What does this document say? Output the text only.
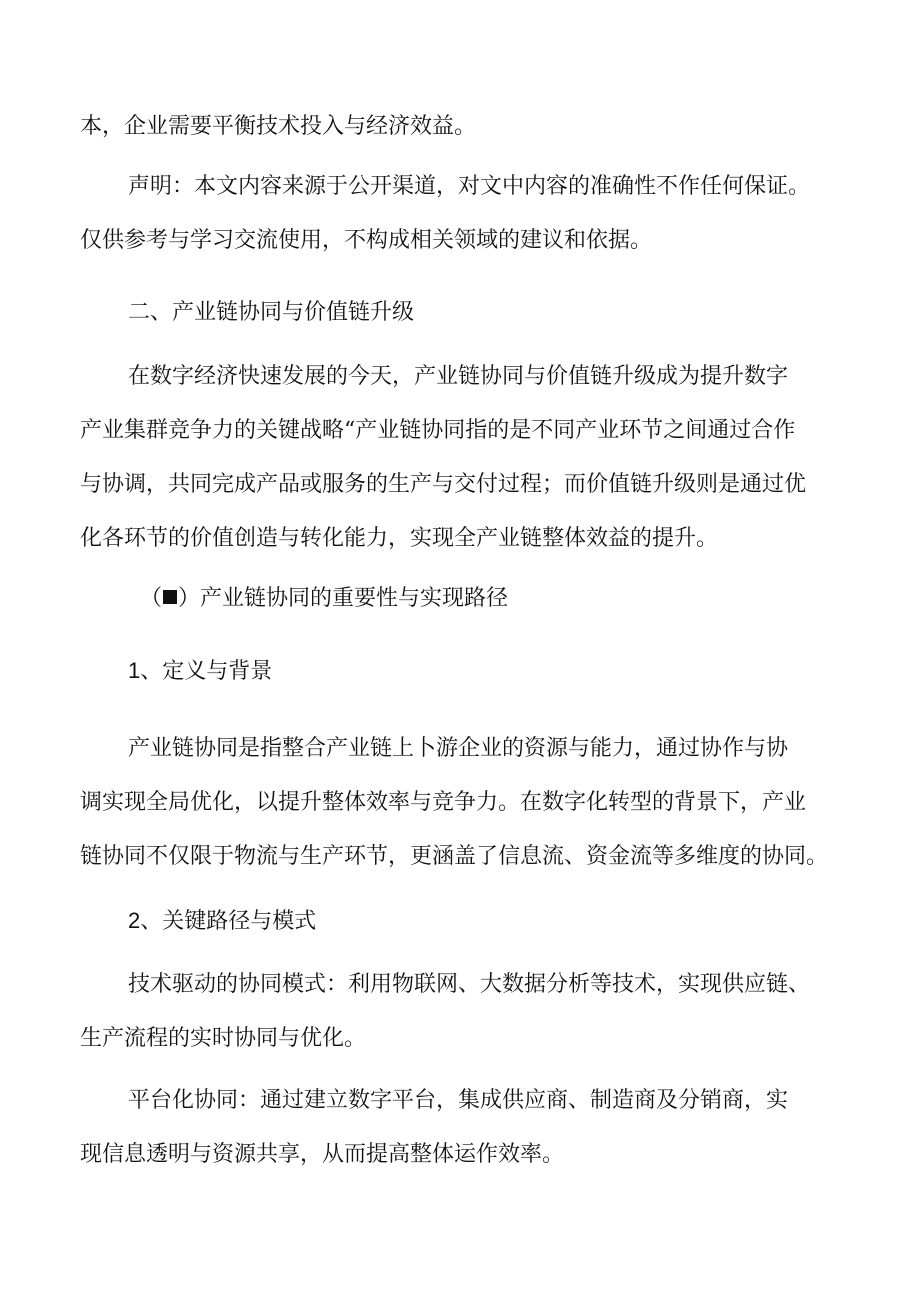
本，企业需要平衡技术投入与经济效益。

声明：本文内容来源于公开渠道，对文中内容的准确性不作任何保证。

仅供参考与学习交流使用，不构成相关领域的建议和依据。

二、产业链协同与价值链升级

在数字经济快速发展的今天，产业链协同与价值链升级成为提升数字

产业集群竞争力的关键战略“产业链协同指的是不同产业环节之间通过合作

与协调，共同完成产品或服务的生产与交付过程；而价值链升级则是通过优

化各环节的价值创造与转化能力，实现全产业链整体效益的提升。

（ ）产业链协同的重要性与实现路径

1、定义与背景

产业链协同是指整合产业链上卜游企业的资源与能力，通过协作与协

调实现全局优化，以提升整体效率与竞争力。在数字化转型的背景下，产业

链协同不仅限于物流与生产环节，更涵盖了信息流、资金流等多维度的协同。

2、关键路径与模式

技术驱动的协同模式：利用物联网、大数据分析等技术，实现供应链、

生产流程的实时协同与优化。

平台化协同：通过建立数字平台，集成供应商、制造商及分销商，实

现信息透明与资源共享，从而提高整体运作效率。
